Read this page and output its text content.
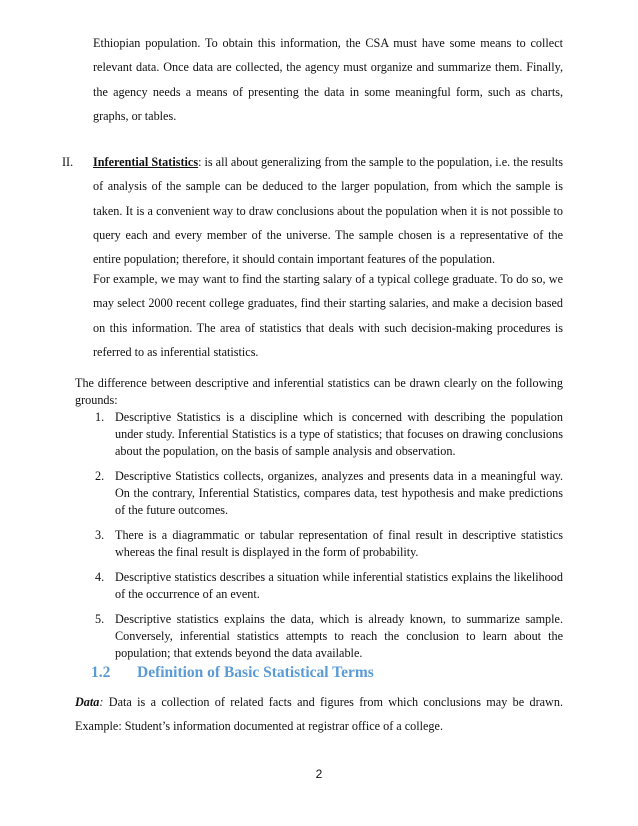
Ethiopian population. To obtain this information, the CSA must have some means to collect relevant data. Once data are collected, the agency must organize and summarize them. Finally, the agency needs a means of presenting the data in some meaningful form, such as charts, graphs, or tables.

II. Inferential Statistics: is all about generalizing from the sample to the population, i.e. the results of analysis of the sample can be deduced to the larger population, from which the sample is taken. It is a convenient way to draw conclusions about the population when it is not possible to query each and every member of the universe. The sample chosen is a representative of the entire population; therefore, it should contain important features of the population.

For example, we may want to find the starting salary of a typical college graduate. To do so, we may select 2000 recent college graduates, find their starting salaries, and make a decision based on this information. The area of statistics that deals with such decision-making procedures is referred to as inferential statistics.

The difference between descriptive and inferential statistics can be drawn clearly on the following grounds:

1. Descriptive Statistics is a discipline which is concerned with describing the population under study. Inferential Statistics is a type of statistics; that focuses on drawing conclusions about the population, on the basis of sample analysis and observation.
2. Descriptive Statistics collects, organizes, analyzes and presents data in a meaningful way. On the contrary, Inferential Statistics, compares data, test hypothesis and make predictions of the future outcomes.
3. There is a diagrammatic or tabular representation of final result in descriptive statistics whereas the final result is displayed in the form of probability.
4. Descriptive statistics describes a situation while inferential statistics explains the likelihood of the occurrence of an event.
5. Descriptive statistics explains the data, which is already known, to summarize sample. Conversely, inferential statistics attempts to reach the conclusion to learn about the population; that extends beyond the data available.
1.2 Definition of Basic Statistical Terms

Data: Data is a collection of related facts and figures from which conclusions may be drawn. Example: Student’s information documented at registrar office of a college.

2
